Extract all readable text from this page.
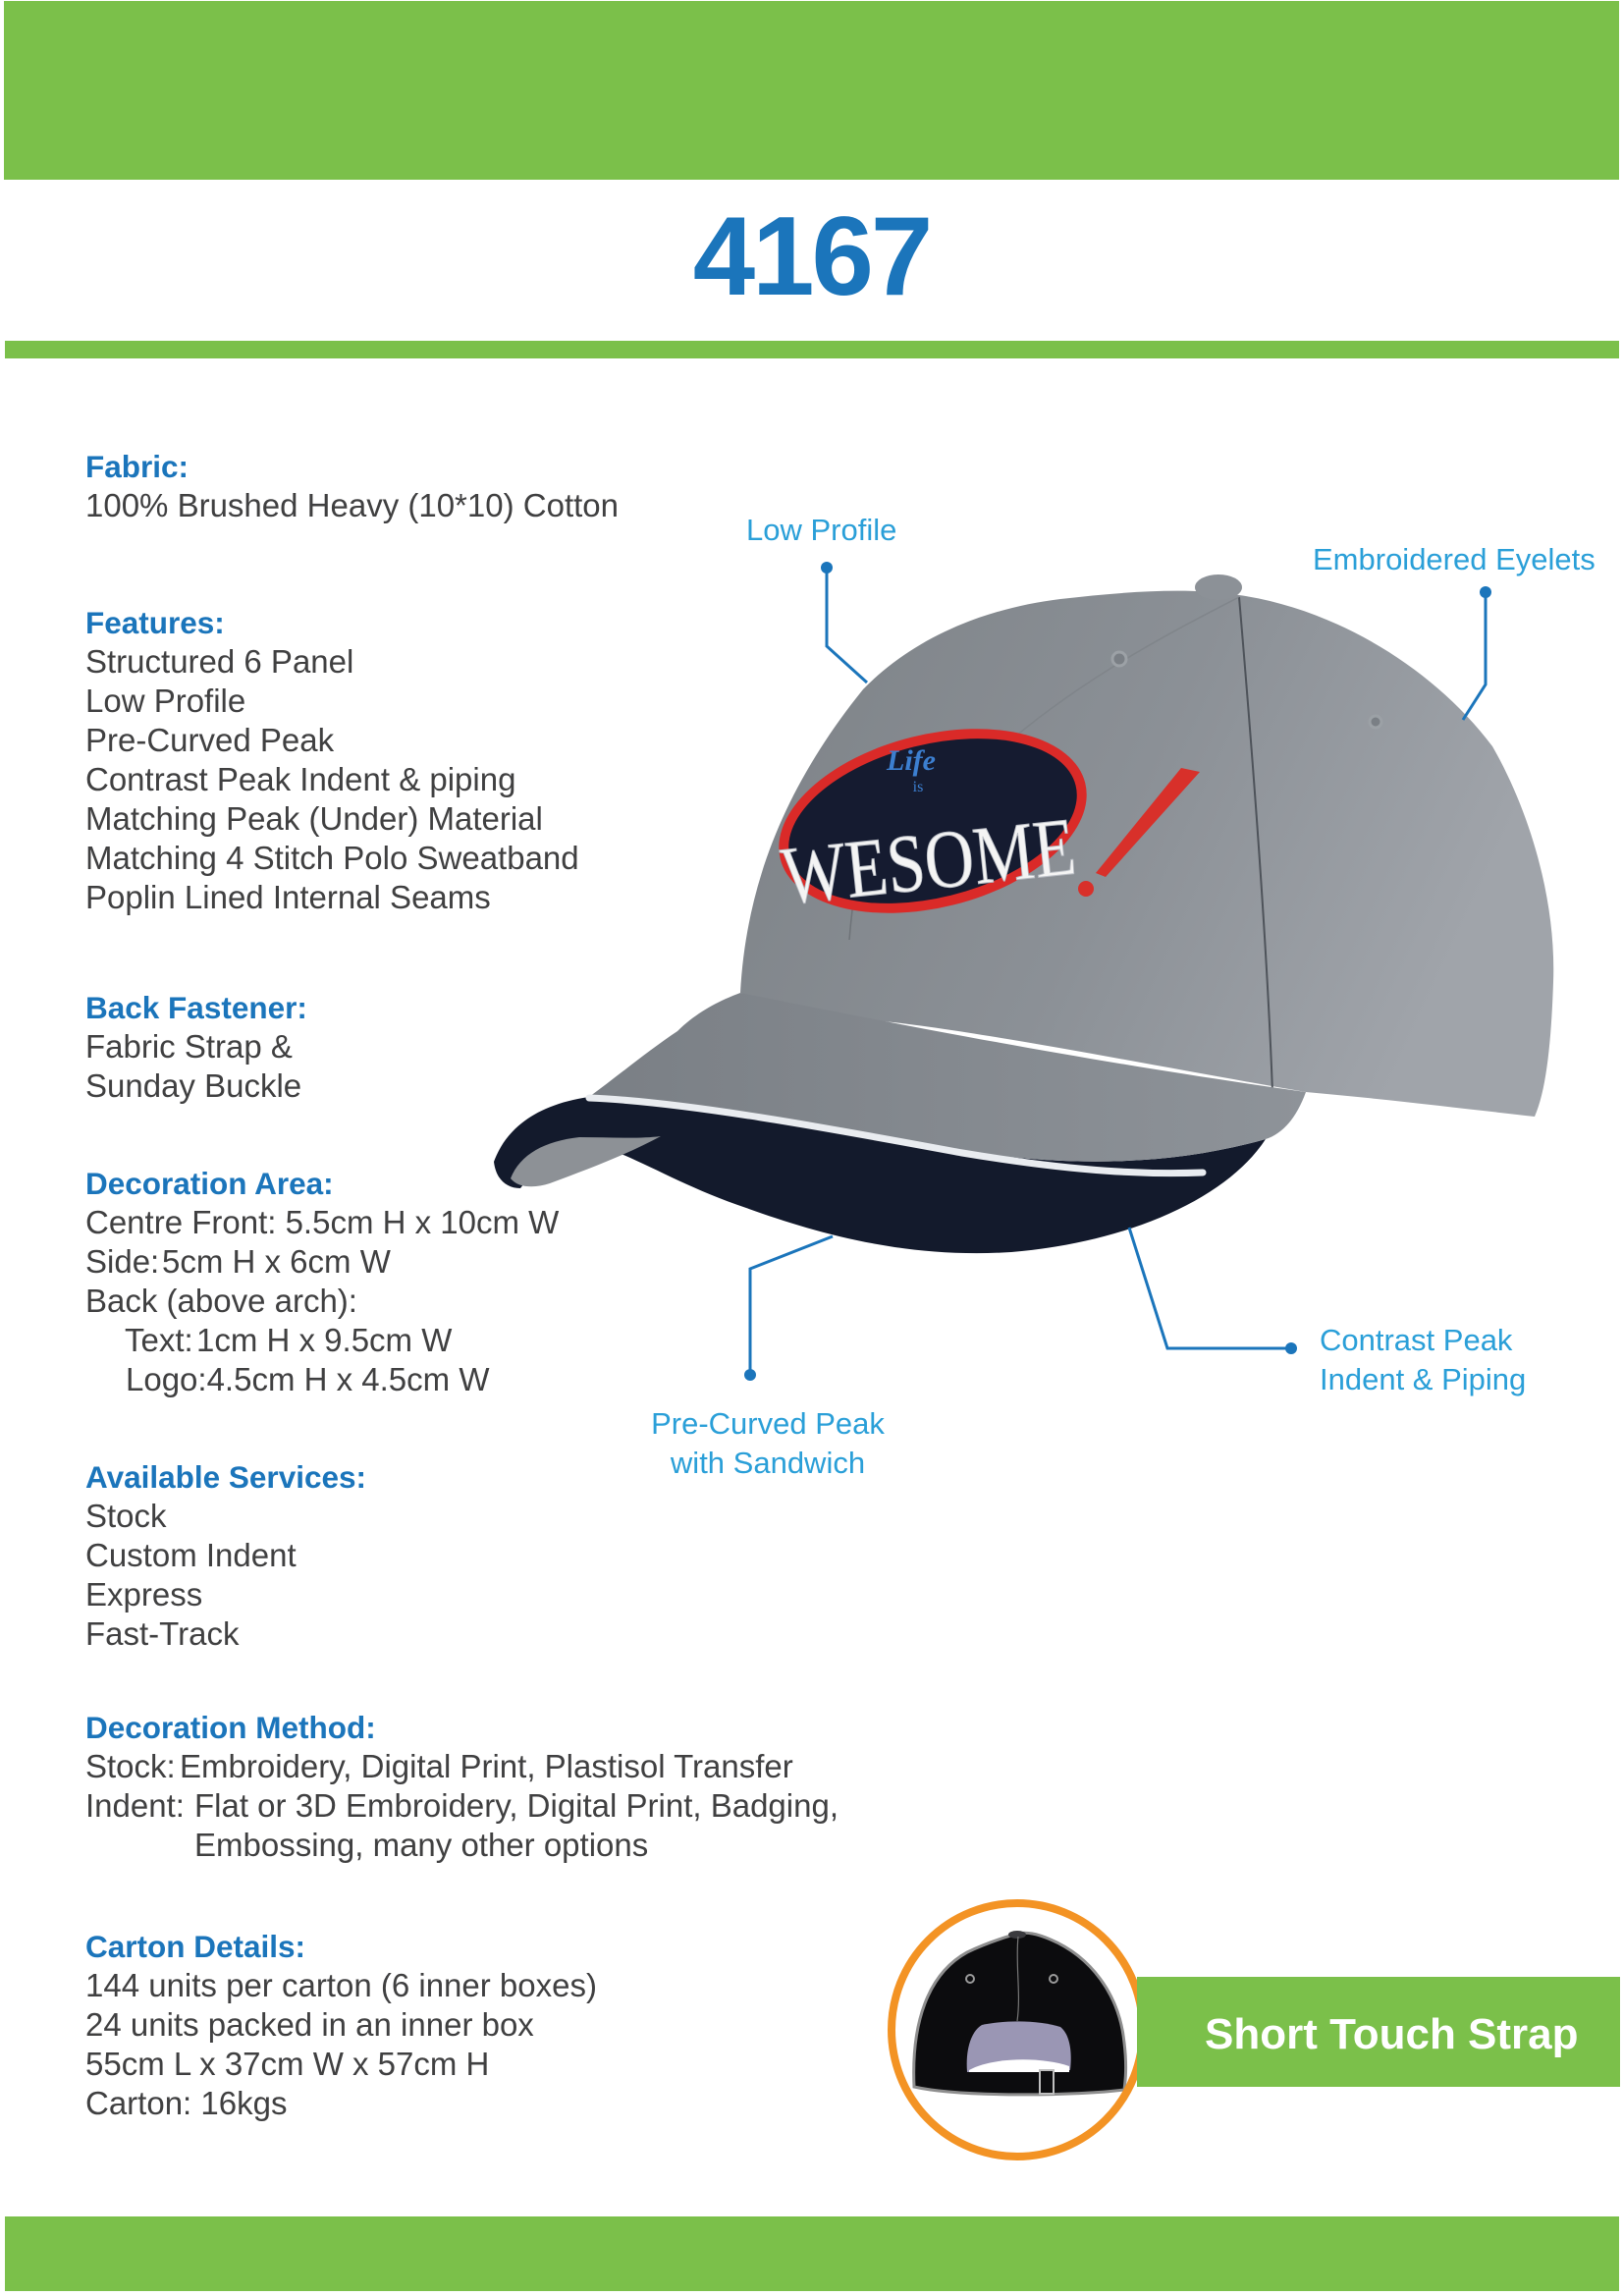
4167
Life
is
WESOME
Fabric:
100% Brushed Heavy (10*10) Cotton
Features:
Structured 6 Panel
Low Profile
Pre-Curved Peak
Contrast Peak Indent & piping
Matching Peak (Under) Material
Matching 4 Stitch Polo Sweatband
Poplin Lined Internal Seams
Back Fastener:
Fabric Strap &
Sunday Buckle
Decoration Area:
Centre Front: 5.5cm H x 10cm W
Side:5cm H x 6cm W
Back (above arch):
Text:1cm H x 9.5cm W
Logo:4.5cm H x 4.5cm W
Available Services:
Stock
Custom Indent
Express
Fast-Track
Decoration Method:
Stock: Embroidery, Digital Print, Plastisol Transfer
Indent: Flat or 3D Embroidery, Digital Print, Badging,
Embossing, many other options
Carton Details:
144 units per carton (6 inner boxes)
24 units packed in an inner box
55cm L x 37cm W x 57cm H
Carton: 16kgs
Low Profile
Embroidered Eyelets
Pre-Curved Peak
with Sandwich
Contrast Peak
Indent & Piping
Short Touch Strap
